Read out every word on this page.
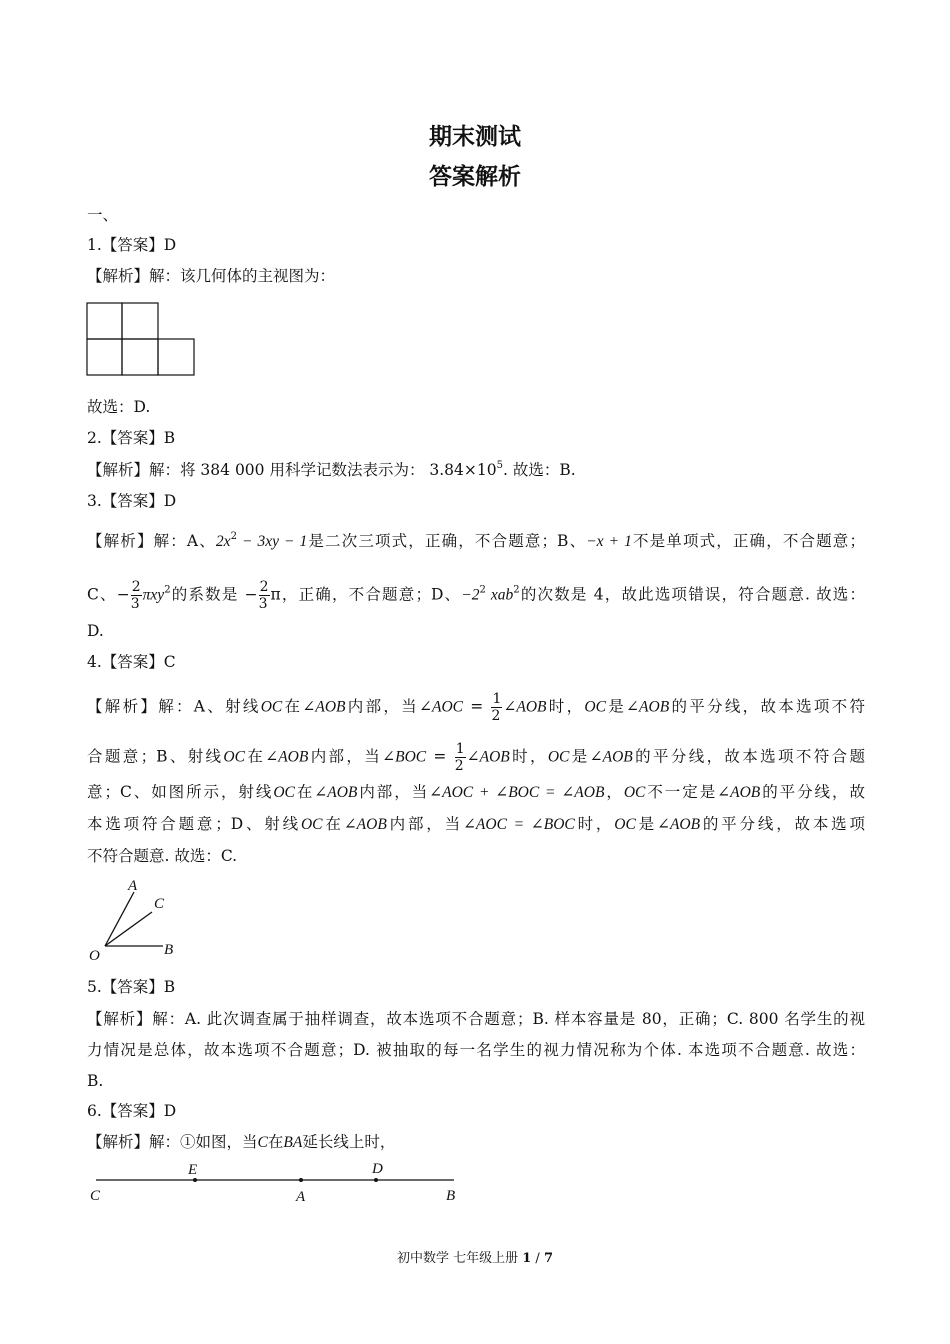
期末测试
答案解析
一、
1.【答案】D
【解析】解：该几何体的主视图为：
故选：D.
2.【答案】B
【解析】解：将 384 000 用科学记数法表示为： $3.84\times 10^5$. 故选：B.
3.【答案】D
【解析】解：A、$2x^2 - 3xy - 1$是二次三项式，正确，不合题意；B、−x + 1不是单项式，正确，不合题意；
C、− $\frac{2}{3} \pi xy^2$的系数是 − $\frac{2}{3}$ π，正确，不合题意；D、$-2^2$ xab$^2$的次数是 4，故此选项错误，符合题意. 故选：
D.
4.【答案】C
【解析】解：A、射线OC在∠AOB内部，当∠AOC = $\frac{1}{2}$ ∠AOB时，OC是∠AOB的平分线，故本选项不符
合题意；B、射线OC在∠AOB内部，当∠BOC = $\frac{1}{2}$ ∠AOB时，OC是∠AOB的平分线，故本选项不符合题
意；C、如图所示，射线OC在∠AOB内部，当∠AOC + ∠BOC = ∠AOB，OC不一定是∠AOB的平分线，故
本选项符合题意；D、射线OC在∠AOB内部，当∠AOC = ∠BOC时，OC是∠AOB的平分线，故本选项
不符合题意. 故选：C.
A
C
O	B
5.【答案】B
【解析】解：A. 此次调查属于抽样调查，故本选项不合题意；B. 样本容量是 80，正确；C. 800 名学生的视
力情况是总体，故本选项不合题意；D. 被抽取的每一名学生的视力情况称为个体. 本选项不合题意. 故选：
B.
6.【答案】D
【解析】解：①如图，当C在BA延长线上时，
C
E
A
D
B
初中数学 七年级上册 1 / 7
